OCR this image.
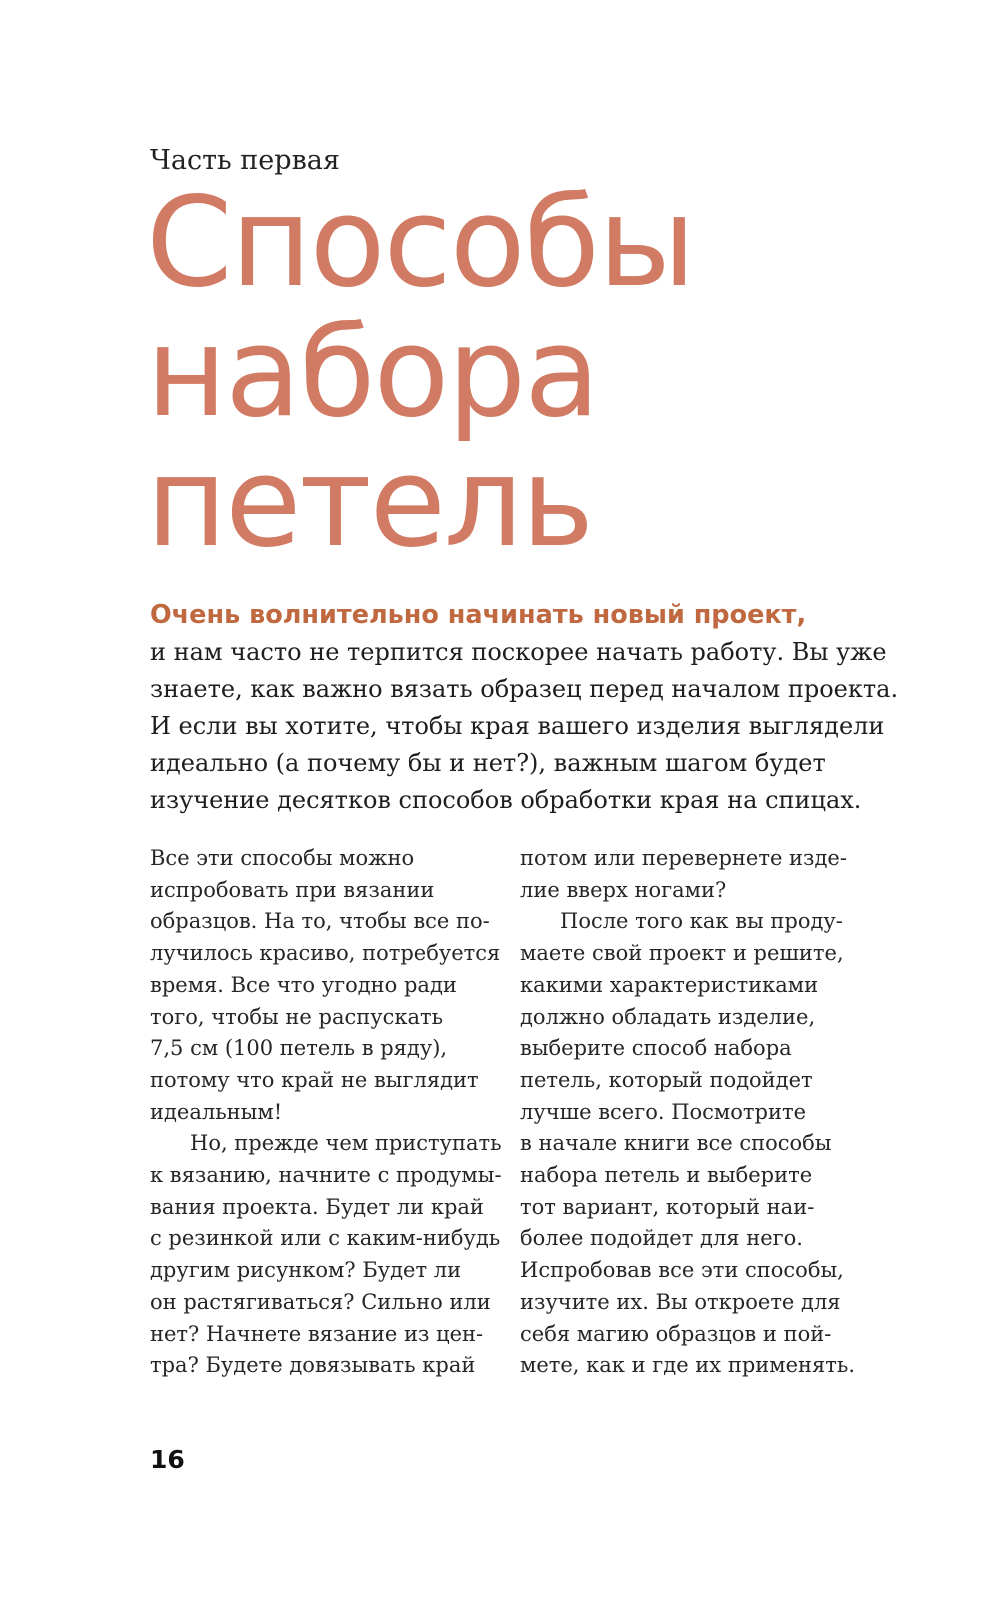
Часть первая
Способы
набора
петель
Очень волнительно начинать новый проект,
и нам часто не терпится поскорее начать работу. Вы уже
знаете, как важно вязать образец перед началом проекта.
И если вы хотите, чтобы края вашего изделия выглядели
идеально (а почему бы и нет?), важным шагом будет
изучение десятков способов обработки края на спицах.
Все эти способы можно
испробовать при вязании
образцов. На то, чтобы все по-
лучилось красиво, потребуется
время. Все что угодно ради
того, чтобы не распускать
7,5 см (100 петель в ряду),
потому что край не выглядит
идеальным!
Но, прежде чем приступать
к вязанию, начните с продумы-
вания проекта. Будет ли край
с резинкой или с каким-нибудь
другим рисунком? Будет ли
он растягиваться? Сильно или
нет? Начнете вязание из цен-
тра? Будете довязывать край
потом или перевернете изде-
лие вверх ногами?
После того как вы проду-
маете свой проект и решите,
какими характеристиками
должно обладать изделие,
выберите способ набора
петель, который подойдет
лучше всего. Посмотрите
в начале книги все способы
набора петель и выберите
тот вариант, который наи-
более подойдет для него.
Испробовав все эти способы,
изучите их. Вы откроете для
себя магию образцов и пой-
мете, как и где их применять.
16
